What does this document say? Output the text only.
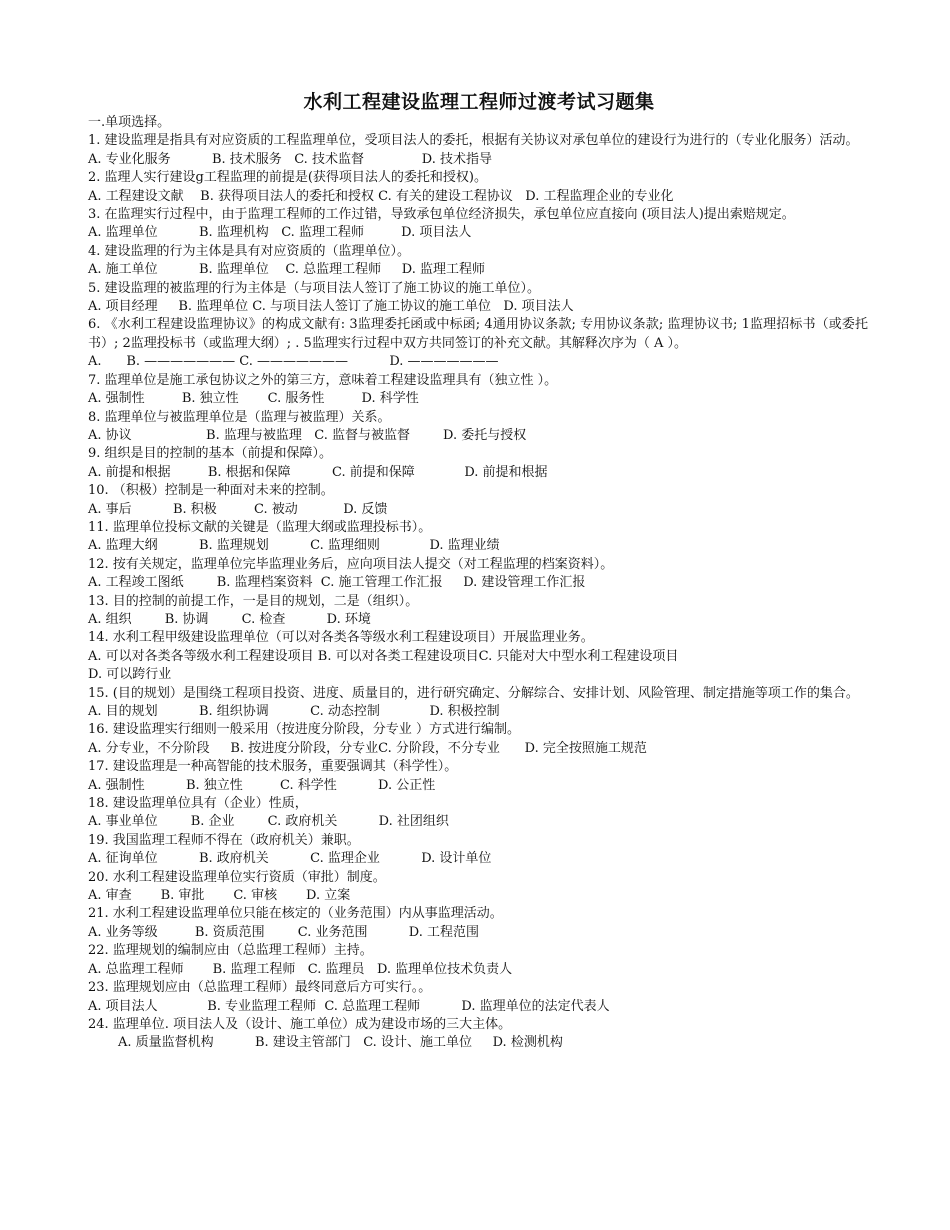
水利工程建设监理工程师过渡考试习题集
一.单项选择。
1. 建设监理是指具有对应资质的工程监理单位，受项目法人的委托，根据有关协议对承包单位的建设行为进行的（专业化服务）活动。
A. 专业化服务          B. 技术服务   C. 技术监督              D. 技术指导
2. 监理人实行建设g工程监理的前提是(获得项目法人的委托和授权)。
A. 工程建设文献    B. 获得项目法人的委托和授权 C. 有关的建设工程协议   D. 工程监理企业的专业化
3. 在监理实行过程中，由于监理工程师的工作过错，导致承包单位经济损失，承包单位应直接向 (项目法人)提出索赔规定。
A. 监理单位          B. 监理机构   C. 监理工程师         D. 项目法人
4. 建设监理的行为主体是具有对应资质的（监理单位）。
A. 施工单位          B. 监理单位    C. 总监理工程师     D. 监理工程师
5. 建设监理的被监理的行为主体是（与项目法人签订了施工协议的施工单位）。
A. 项目经理     B. 监理单位 C. 与项目法人签订了施工协议的施工单位   D. 项目法人
6. 《水利工程建设监理协议》的构成文献有: 3监理委托函或中标函; 4通用协议条款; 专用协议条款; 监理协议书; 1监理招标书（或委托书）; 2监理投标书（或监理大纲）; . 5监理实行过程中双方共同签订的补充文献。其解释次序为（ A ）。
A.      B. ——————— C. ———————          D. ———————
7. 监理单位是施工承包协议之外的第三方，意味着工程建设监理具有（独立性 ）。
A. 强制性         B. 独立性       C. 服务性         D. 科学性
8. 监理单位与被监理单位是（监理与被监理）关系。
A. 协议                  B. 监理与被监理   C. 监督与被监督        D. 委托与授权
9. 组织是目的控制的基本（前提和保障）。
A. 前提和根据         B. 根据和保障          C. 前提和保障            D. 前提和根据
10. （积极）控制是一种面对未来的控制。
A. 事后          B. 积极         C. 被动           D. 反馈
11. 监理单位投标文献的关键是（监理大纲或监理投标书）。
A. 监理大纲          B. 监理规划          C. 监理细则            D. 监理业绩
12. 按有关规定，监理单位完毕监理业务后，应向项目法人提交（对工程监理的档案资料）。
A. 工程竣工图纸        B. 监理档案资料  C. 施工管理工作汇报     D. 建设管理工作汇报
13. 目的控制的前提工作，一是目的规划，二是（组织）。
A. 组织        B. 协调        C. 检查          D. 环境
14. 水利工程甲级建设监理单位（可以对各类各等级水利工程建设项目）开展监理业务。
A. 可以对各类各等级水利工程建设项目 B. 可以对各类工程建设项目C. 只能对大中型水利工程建设项目
D. 可以跨行业
15. (目的规划）是围绕工程项目投资、进度、质量目的，进行研究确定、分解综合、安排计划、风险管理、制定措施等项工作的集合。
A. 目的规划          B. 组织协调          C. 动态控制            D. 积极控制
16. 建设监理实行细则一般采用（按进度分阶段，分专业 ）方式进行编制。
A. 分专业，不分阶段     B. 按进度分阶段，分专业C. 分阶段，不分专业      D. 完全按照施工规范
17. 建设监理是一种高智能的技术服务，重要强调其（科学性）。
A. 强制性          B. 独立性         C. 科学性          D. 公正性
18. 建设监理单位具有（企业）性质，
A. 事业单位        B. 企业        C. 政府机关          D. 社团组织
19. 我国监理工程师不得在（政府机关）兼职。
A. 征询单位          B. 政府机关          C. 监理企业          D. 设计单位
20. 水利工程建设监理单位实行资质（审批）制度。
A. 审查       B. 审批       C. 审核       D. 立案
21. 水利工程建设监理单位只能在核定的（业务范围）内从事监理活动。
A. 业务等级         B. 资质范围        C. 业务范围          D. 工程范围
22. 监理规划的编制应由（总监理工程师）主持。
A. 总监理工程师       B. 监理工程师   C. 监理员   D. 监理单位技术负责人
23. 监理规划应由（总监理工程师）最终同意后方可实行。。
A. 项目法人            B. 专业监理工程师  C. 总监理工程师          D. 监理单位的法定代表人
24. 监理单位. 项目法人及（设计、施工单位）成为建设市场的三大主体。
A. 质量监督机构          B. 建设主管部门   C. 设计、施工单位     D. 检测机构
